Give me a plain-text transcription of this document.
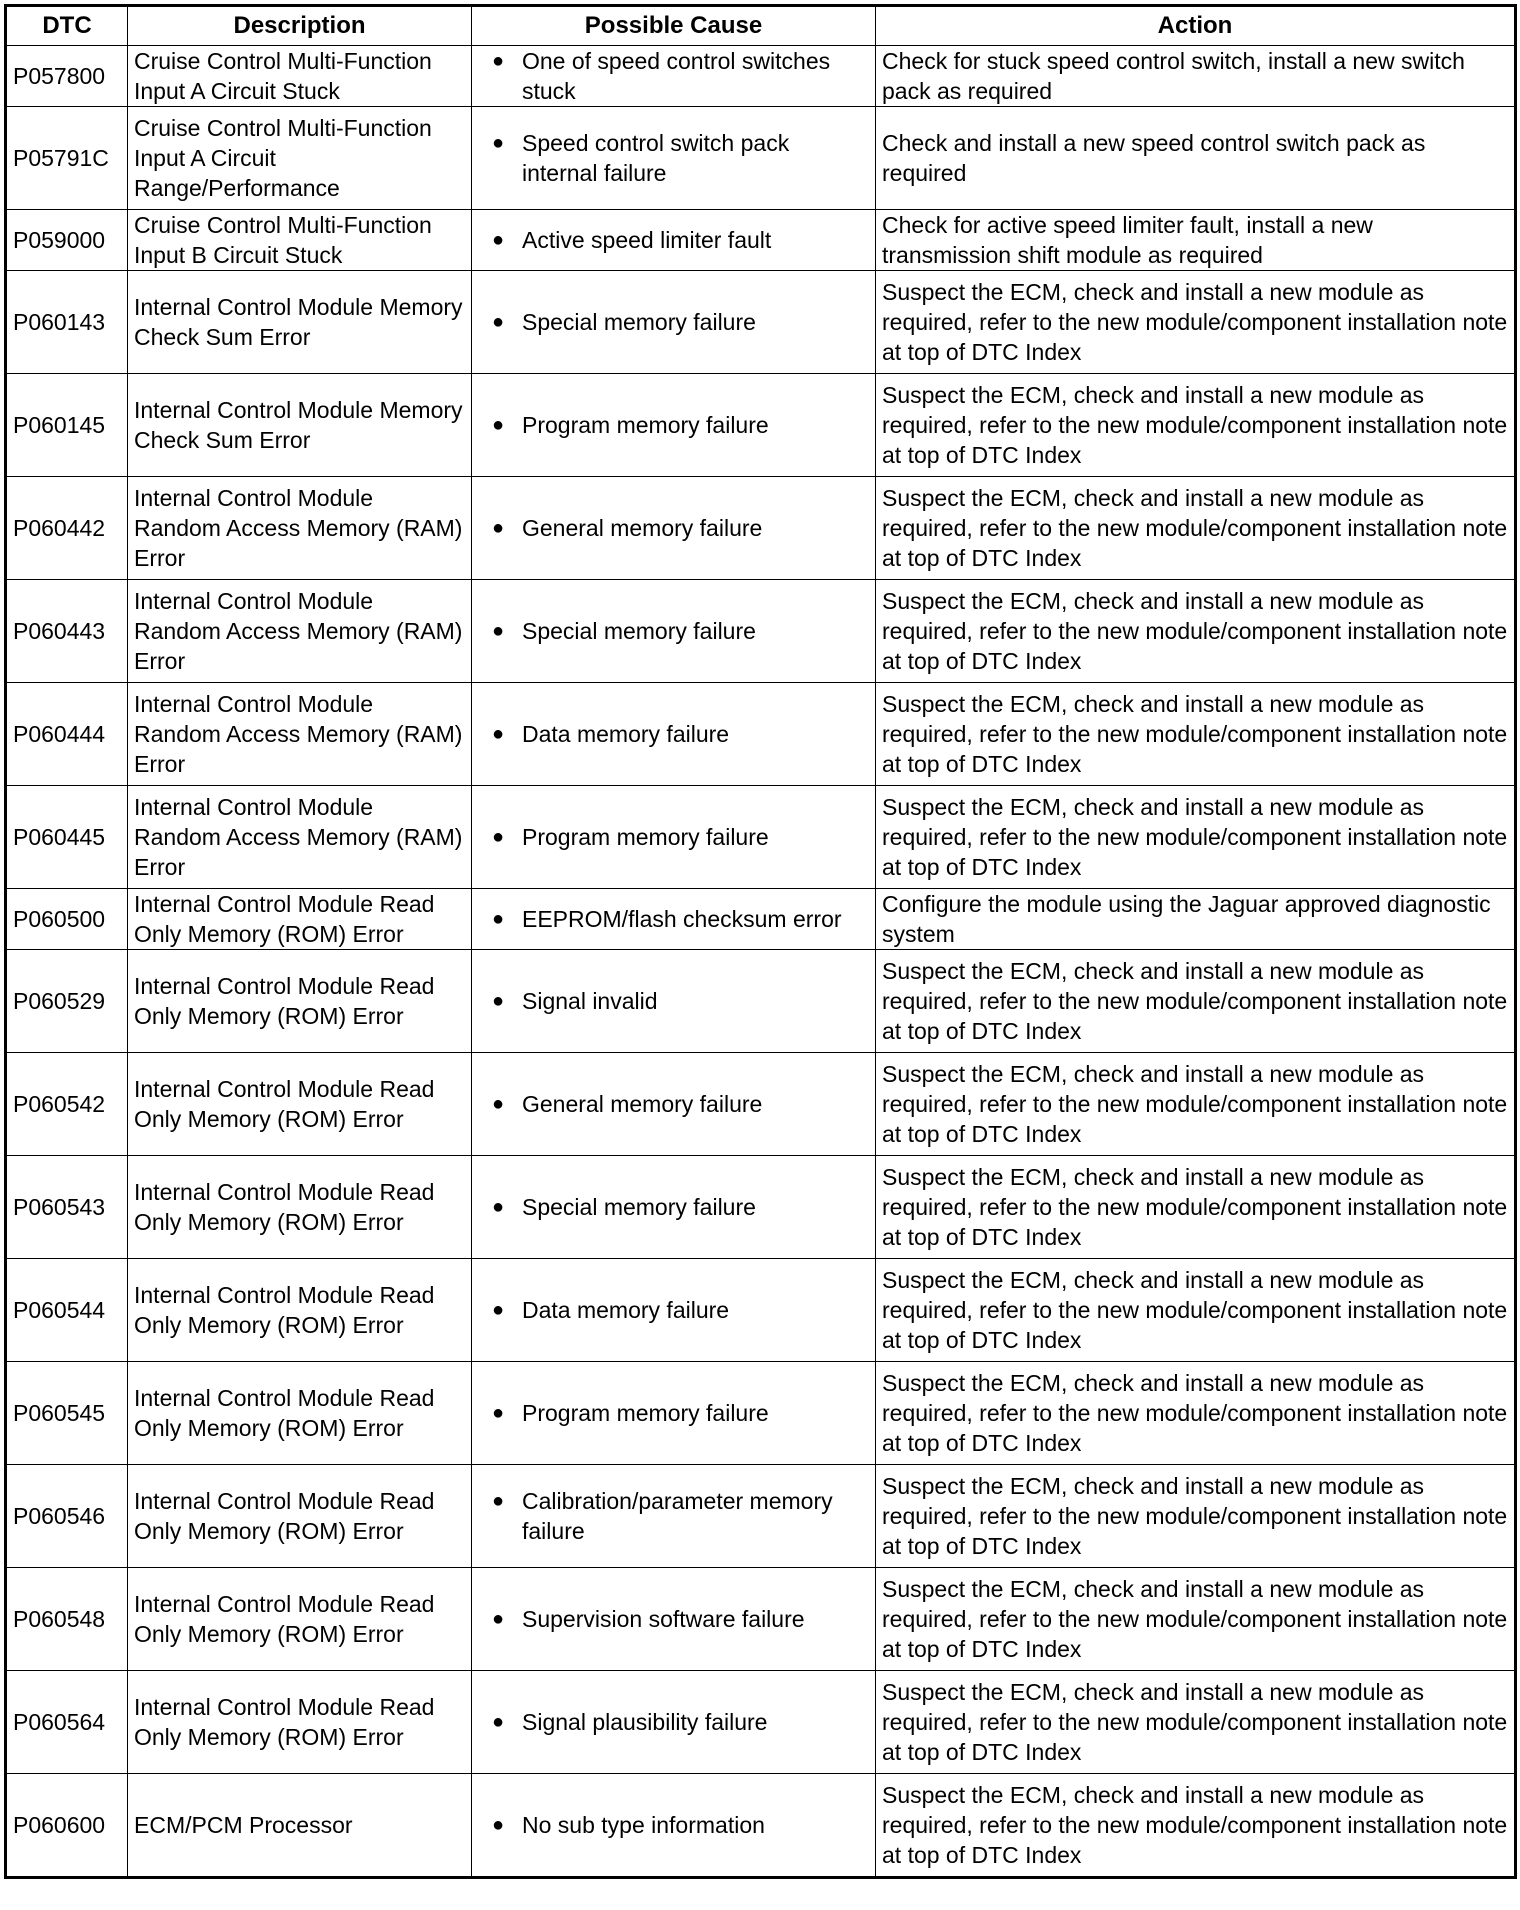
DTC	Description	Possible Cause	Action
P057800	Cruise Control Multi-Function Input A Circuit Stuck	● One of speed control switches stuck	Check for stuck speed control switch, install a new switch pack as required
P05791C	Cruise Control Multi-Function Input A Circuit Range/Performance	● Speed control switch pack internal failure	Check and install a new speed control switch pack as required
P059000	Cruise Control Multi-Function Input B Circuit Stuck	● Active speed limiter fault	Check for active speed limiter fault, install a new transmission shift module as required
P060143	Internal Control Module Memory Check Sum Error	● Special memory failure	Suspect the ECM, check and install a new module as required, refer to the new module/component installation note at top of DTC Index
P060145	Internal Control Module Memory Check Sum Error	● Program memory failure	Suspect the ECM, check and install a new module as required, refer to the new module/component installation note at top of DTC Index
P060442	Internal Control Module Random Access Memory (RAM) Error	● General memory failure	Suspect the ECM, check and install a new module as required, refer to the new module/component installation note at top of DTC Index
P060443	Internal Control Module Random Access Memory (RAM) Error	● Special memory failure	Suspect the ECM, check and install a new module as required, refer to the new module/component installation note at top of DTC Index
P060444	Internal Control Module Random Access Memory (RAM) Error	● Data memory failure	Suspect the ECM, check and install a new module as required, refer to the new module/component installation note at top of DTC Index
P060445	Internal Control Module Random Access Memory (RAM) Error	● Program memory failure	Suspect the ECM, check and install a new module as required, refer to the new module/component installation note at top of DTC Index
P060500	Internal Control Module Read Only Memory (ROM) Error	● EEPROM/flash checksum error	Configure the module using the Jaguar approved diagnostic system
P060529	Internal Control Module Read Only Memory (ROM) Error	● Signal invalid	Suspect the ECM, check and install a new module as required, refer to the new module/component installation note at top of DTC Index
P060542	Internal Control Module Read Only Memory (ROM) Error	● General memory failure	Suspect the ECM, check and install a new module as required, refer to the new module/component installation note at top of DTC Index
P060543	Internal Control Module Read Only Memory (ROM) Error	● Special memory failure	Suspect the ECM, check and install a new module as required, refer to the new module/component installation note at top of DTC Index
P060544	Internal Control Module Read Only Memory (ROM) Error	● Data memory failure	Suspect the ECM, check and install a new module as required, refer to the new module/component installation note at top of DTC Index
P060545	Internal Control Module Read Only Memory (ROM) Error	● Program memory failure	Suspect the ECM, check and install a new module as required, refer to the new module/component installation note at top of DTC Index
P060546	Internal Control Module Read Only Memory (ROM) Error	● Calibration/parameter memory failure	Suspect the ECM, check and install a new module as required, refer to the new module/component installation note at top of DTC Index
P060548	Internal Control Module Read Only Memory (ROM) Error	● Supervision software failure	Suspect the ECM, check and install a new module as required, refer to the new module/component installation note at top of DTC Index
P060564	Internal Control Module Read Only Memory (ROM) Error	● Signal plausibility failure	Suspect the ECM, check and install a new module as required, refer to the new module/component installation note at top of DTC Index
P060600	ECM/PCM Processor	● No sub type information	Suspect the ECM, check and install a new module as required, refer to the new module/component installation note at top of DTC Index
